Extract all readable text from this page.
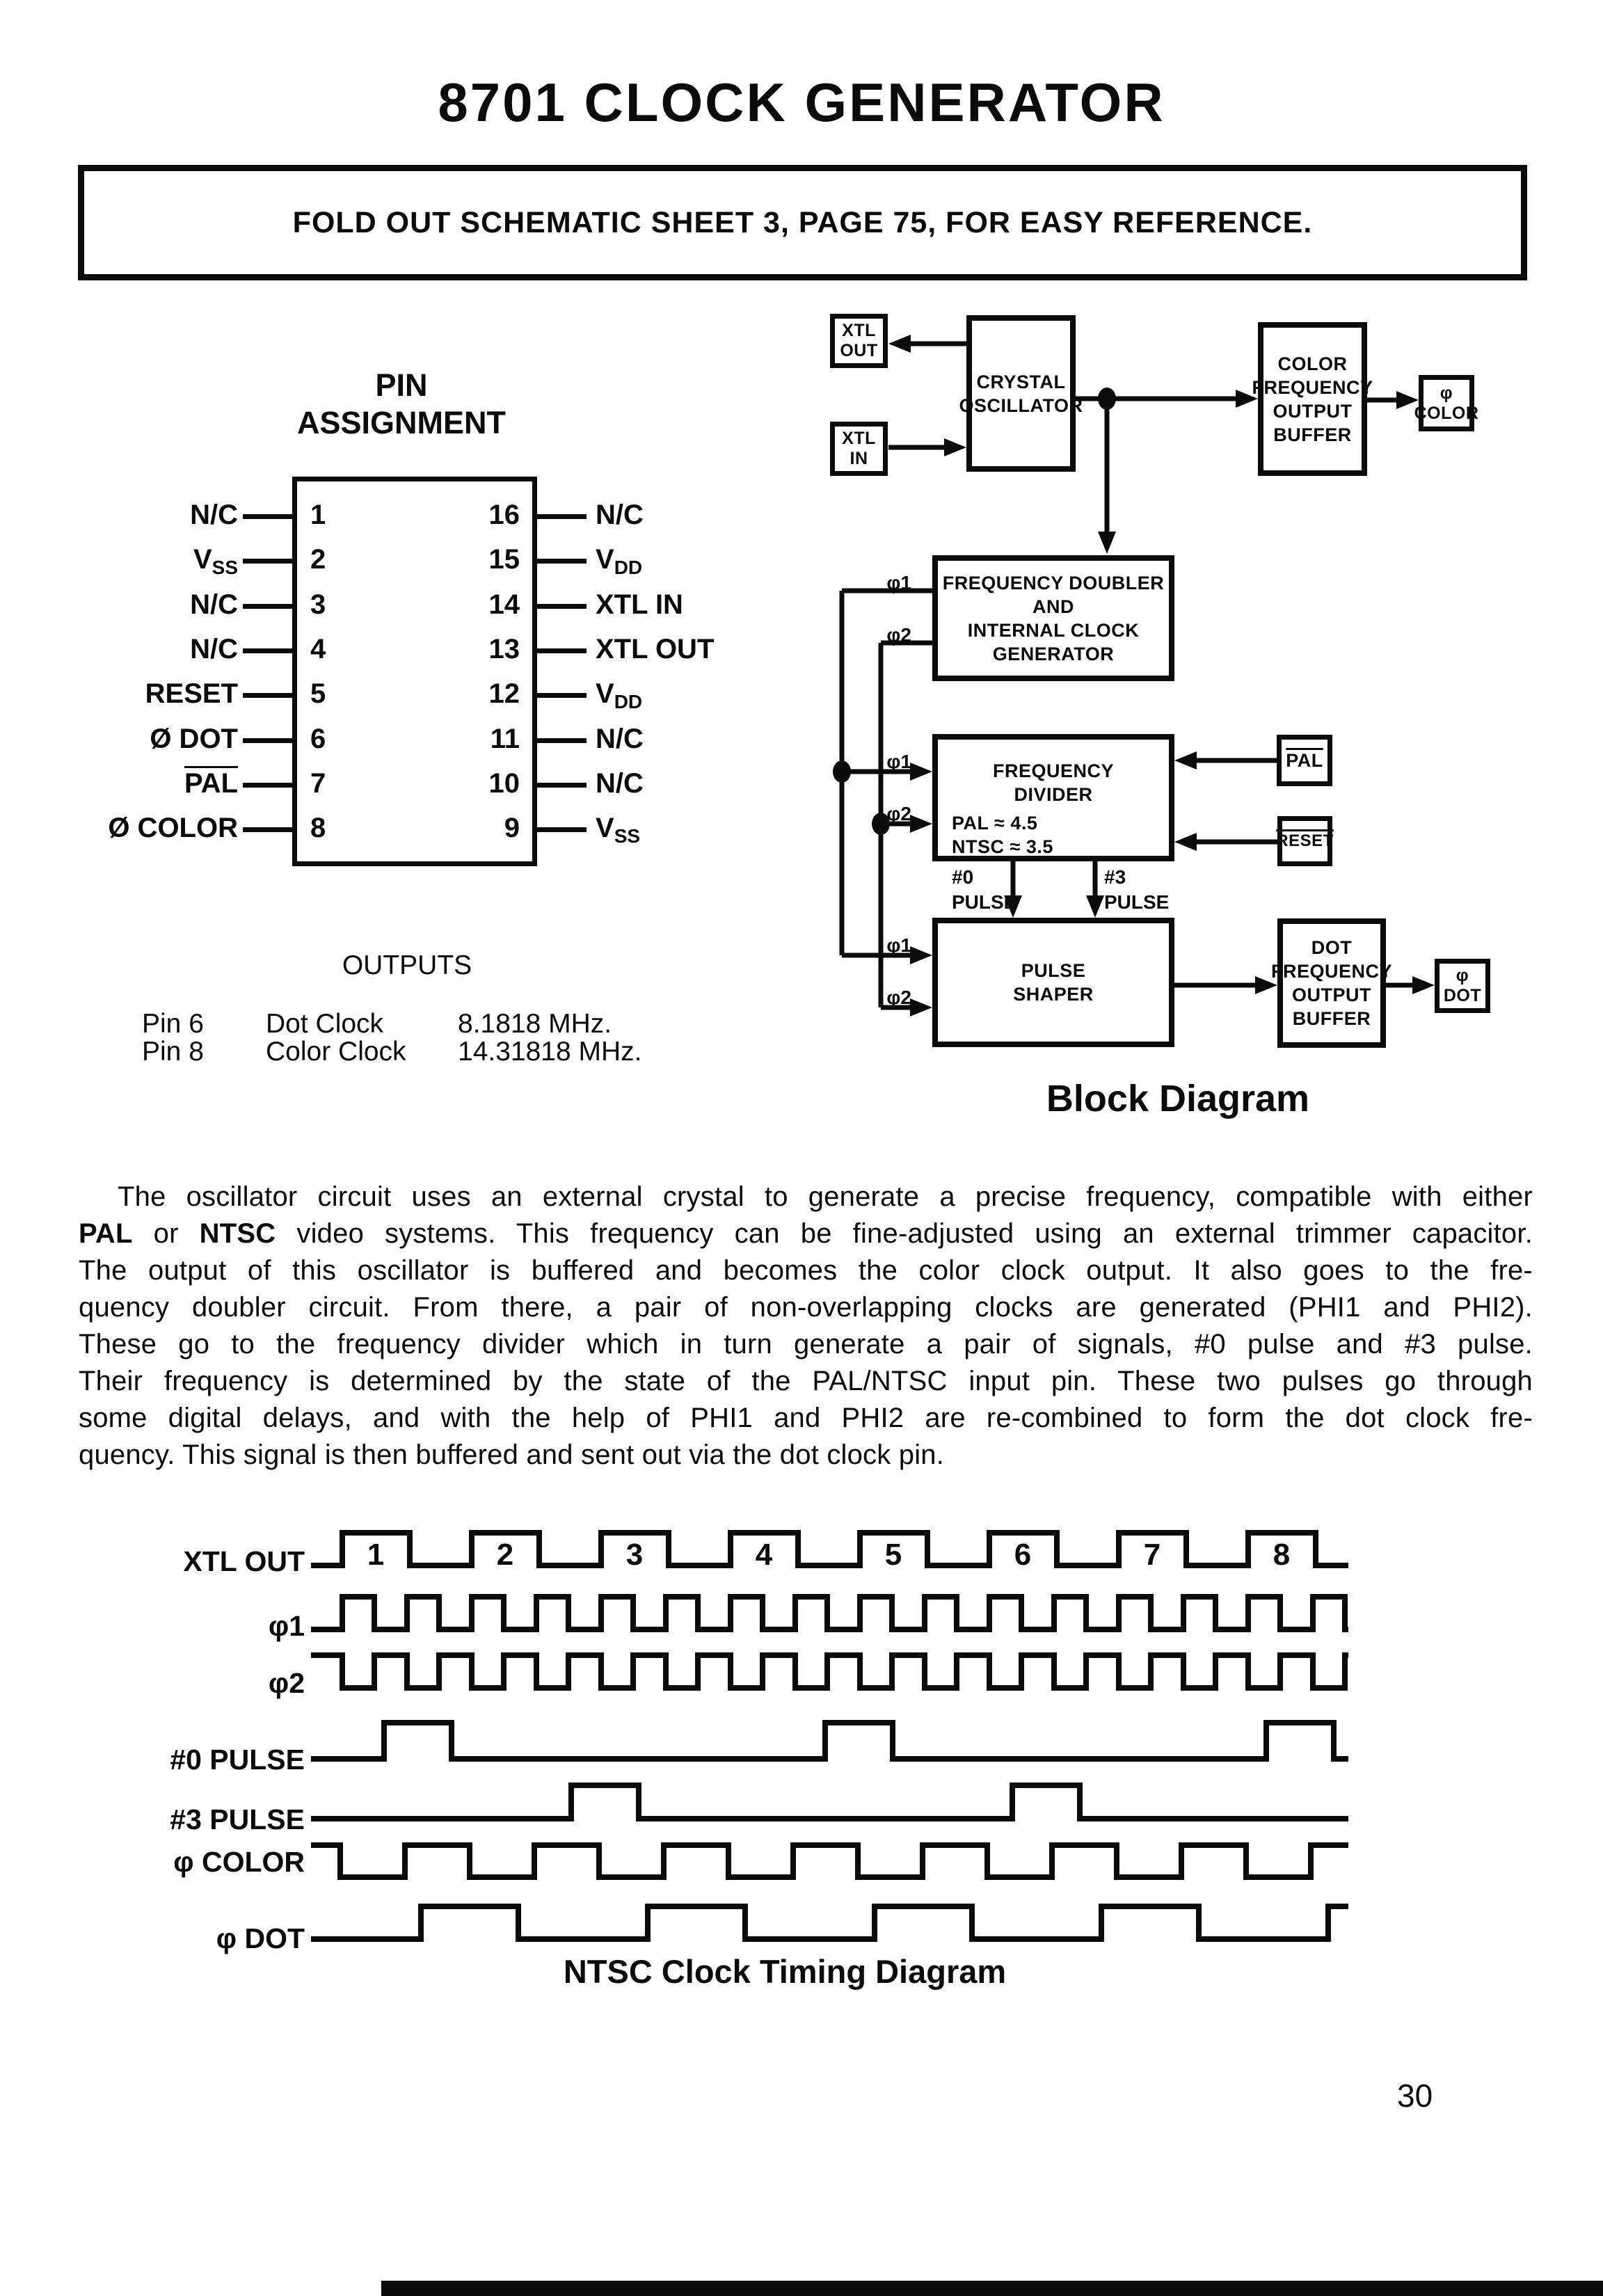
XTL OUT
φ1
φ2
#0 PULSE
#3 PULSE
φ COLOR
φ DOT
1	2	3	4	5	6	7	8
8701 CLOCK GENERATOR
FOLD OUT SCHEMATIC SHEET 3, PAGE 75, FOR EASY REFERENCE.
PIN
ASSIGNMENT
N/C	1
$V_{SS}$	2
N/C	3
N/C	4
RESET	5
Ø DOT	6
$\overline{PAL}$	7
Ø COLOR	8
16	N/C
15	$V_{DD}$
14	XTL IN
13	XTL OUT
12	$V_{DD}$
11	N/C
10	N/C
9	$V_{SS}$
OUTPUTS
Pin 6	Dot Clock	8.1818 MHz.
Pin 8	Color Clock	14.31818 MHz.
XTL
OUT
XTL
IN
CRYSTAL
OSCILLATOR
COLOR
FREQUENCY
OUTPUT
BUFFER
φ
COLOR
FREQUENCY DOUBLER
AND
INTERNAL CLOCK
GENERATOR
FREQUENCY
DIVIDER
PAL ≈ 4.5
NTSC ≈ 3.5
$\overline{PAL}$
RESET
PULSE
SHAPER
DOT
FREQUENCY
OUTPUT
BUFFER
φ
DOT
φ1
φ2
φ1
φ2
φ1
φ2
#0
PULSE
#3
PULSE
Block Diagram
The oscillator circuit uses an external crystal to generate a precise frequency, compatible with either
PAL or NTSC video systems. This frequency can be fine-adjusted using an external trimmer capacitor.
The output of this oscillator is buffered and becomes the color clock output. It also goes to the fre-
quency doubler circuit. From there, a pair of non-overlapping clocks are generated (PHI1 and PHI2).
These go to the frequency divider which in turn generate a pair of signals, #0 pulse and #3 pulse.
Their frequency is determined by the state of the PAL/NTSC input pin. These two pulses go through
some digital delays, and with the help of PHI1 and PHI2 are re-combined to form the dot clock fre-
quency. This signal is then buffered and sent out via the dot clock pin.
NTSC Clock Timing Diagram
30
